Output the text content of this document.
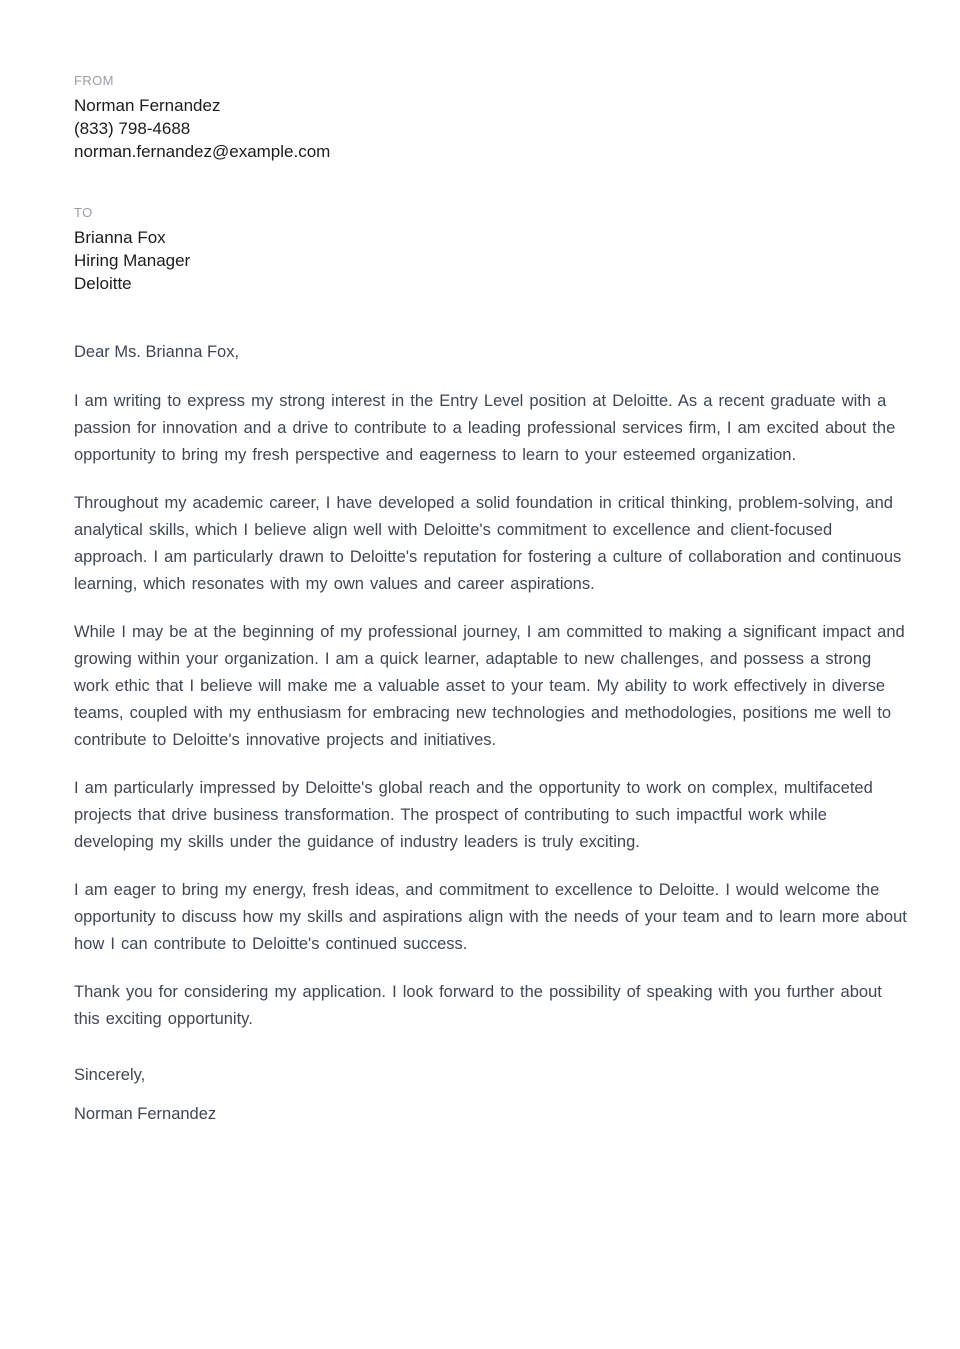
FROM
Norman Fernandez
(833) 798-4688
norman.fernandez@example.com
TO
Brianna Fox
Hiring Manager
Deloitte
Dear Ms. Brianna Fox,

I am writing to express my strong interest in the Entry Level position at Deloitte. As a recent graduate with a passion for innovation and a drive to contribute to a leading professional services firm, I am excited about the opportunity to bring my fresh perspective and eagerness to learn to your esteemed organization.

Throughout my academic career, I have developed a solid foundation in critical thinking, problem-solving, and analytical skills, which I believe align well with Deloitte's commitment to excellence and client-focused approach. I am particularly drawn to Deloitte's reputation for fostering a culture of collaboration and continuous learning, which resonates with my own values and career aspirations.

While I may be at the beginning of my professional journey, I am committed to making a significant impact and growing within your organization. I am a quick learner, adaptable to new challenges, and possess a strong work ethic that I believe will make me a valuable asset to your team. My ability to work effectively in diverse teams, coupled with my enthusiasm for embracing new technologies and methodologies, positions me well to contribute to Deloitte's innovative projects and initiatives.

I am particularly impressed by Deloitte's global reach and the opportunity to work on complex, multifaceted projects that drive business transformation. The prospect of contributing to such impactful work while developing my skills under the guidance of industry leaders is truly exciting.

I am eager to bring my energy, fresh ideas, and commitment to excellence to Deloitte. I would welcome the opportunity to discuss how my skills and aspirations align with the needs of your team and to learn more about how I can contribute to Deloitte's continued success.

Thank you for considering my application. I look forward to the possibility of speaking with you further about this exciting opportunity.

Sincerely,
Norman Fernandez
